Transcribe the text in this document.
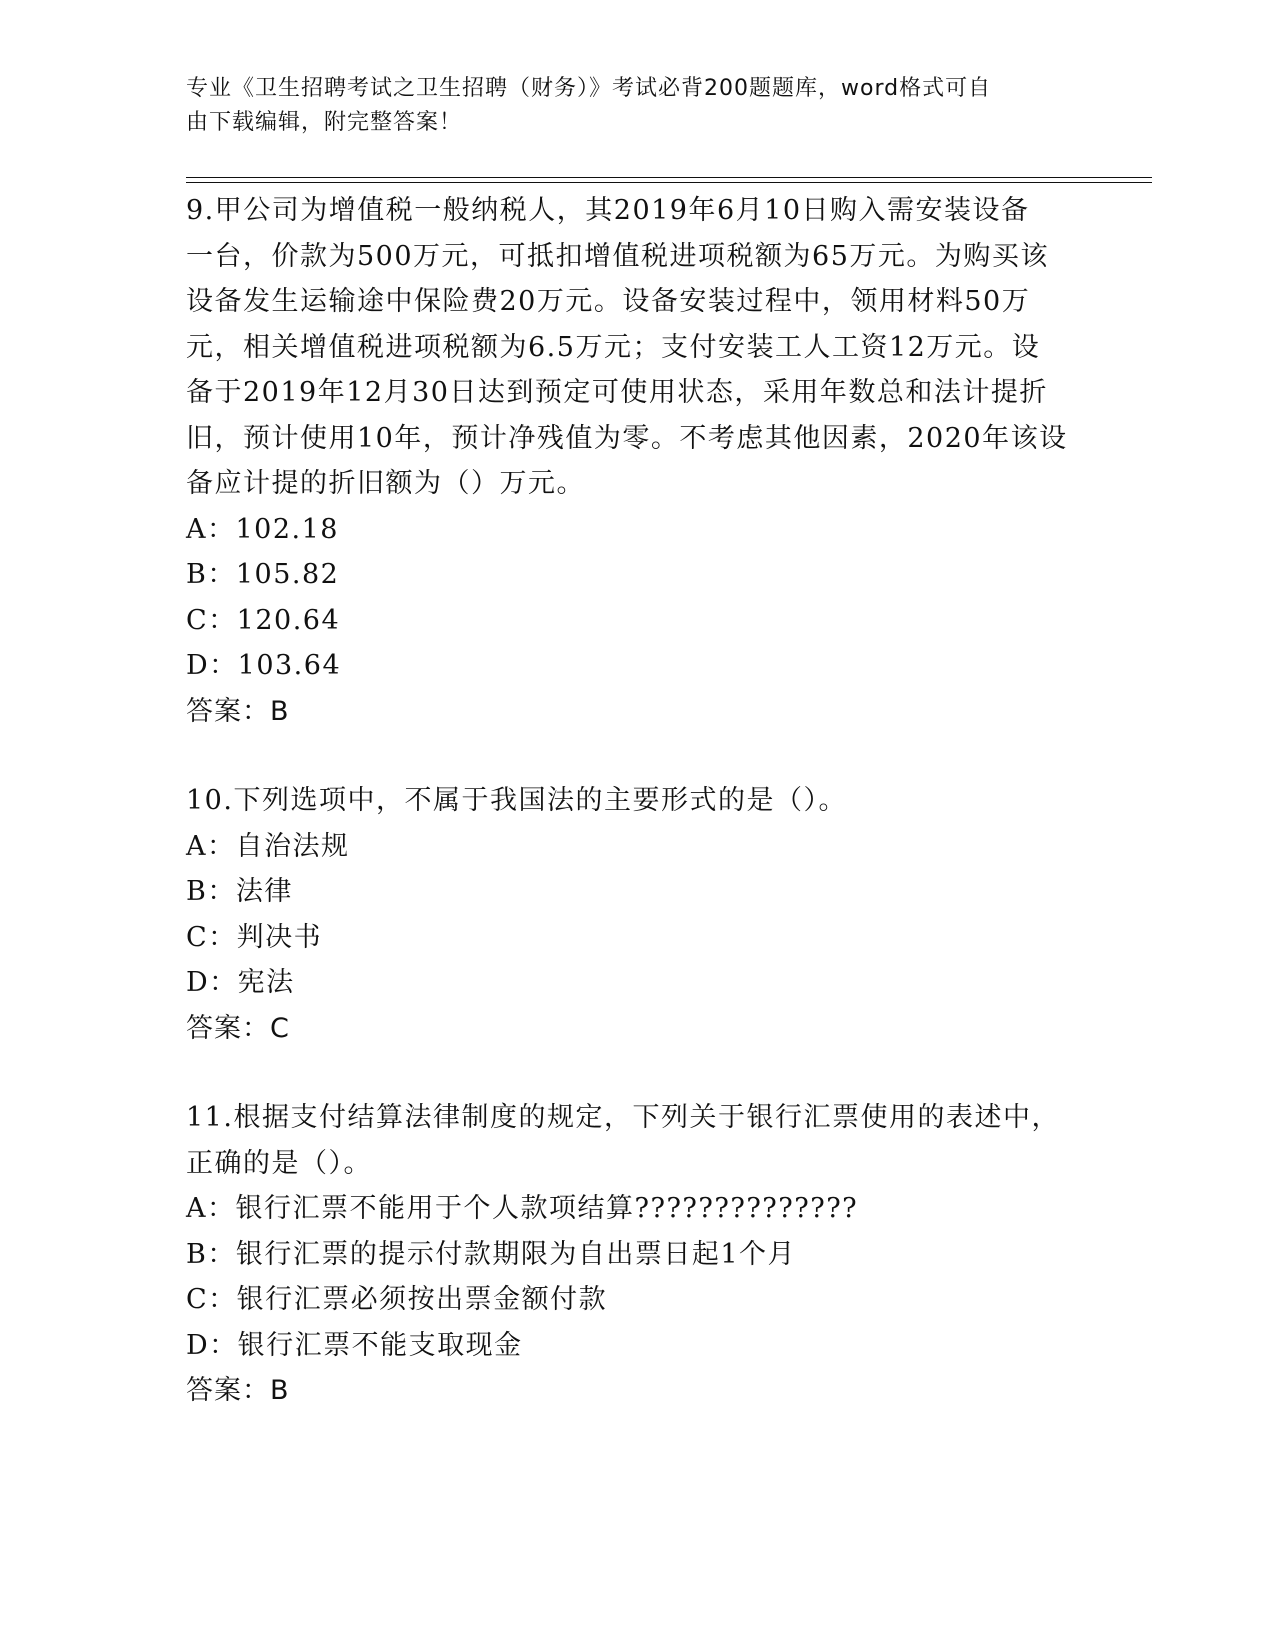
专业《卫生招聘考试之卫生招聘（财务）》考试必背200题题库，word格式可自
由下载编辑，附完整答案！
9.甲公司为增值税一般纳税人，其2019年6月10日购入需安装设备
一台，价款为500万元，可抵扣增值税进项税额为65万元。为购买该
设备发生运输途中保险费20万元。设备安装过程中，领用材料50万
元，相关增值税进项税额为6.5万元；支付安装工人工资12万元。设
备于2019年12月30日达到预定可使用状态，采用年数总和法计提折
旧，预计使用10年，预计净残值为零。不考虑其他因素，2020年该设
备应计提的折旧额为（）万元。
A：102.18
B：105.82
C：120.64
D：103.64
答案：B
10.下列选项中，不属于我国法的主要形式的是（）。
A：自治法规
B：法律
C：判决书
D：宪法
答案：C
11.根据支付结算法律制度的规定，下列关于银行汇票使用的表述中，
正确的是（）。
A：银行汇票不能用于个人款项结算??????????????
B：银行汇票的提示付款期限为自出票日起1个月
C：银行汇票必须按出票金额付款
D：银行汇票不能支取现金
答案：B
